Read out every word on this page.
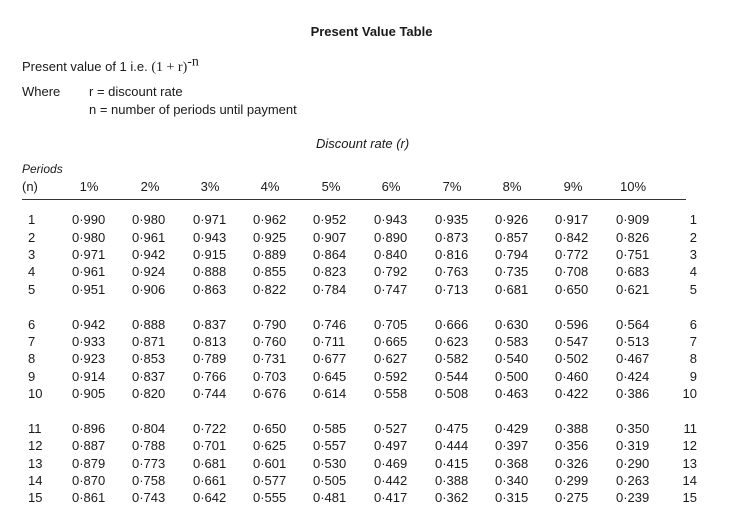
Present Value Table
Present value of 1 i.e. $(1 + r)^{-n}$
Where r = discount rate
n = number of periods until payment
Discount rate (r)
Periods
(n)	1%	2%	3%	4%	5%	6%	7%	8%	9%	10%
1	0·990 0·980 0·971 0·962 0·952 0·943 0·935 0·926 0·917 0·909	1
2	0·980 0·961 0·943 0·925 0·907 0·890 0·873 0·857 0·842 0·826	2
3	0·971 0·942 0·915 0·889 0·864 0·840 0·816 0·794 0·772 0·751	3
4	0·961 0·924 0·888 0·855 0·823 0·792 0·763 0·735 0·708 0·683	4
5	0·951 0·906 0·863 0·822 0·784 0·747 0·713 0·681 0·650 0·621	5
6	0·942 0·888 0·837 0·790 0·746 0·705 0·666 0·630 0·596 0·564	6
7	0·933 0·871 0·813 0·760 0·711 0·665 0·623 0·583 0·547 0·513	7
8	0·923 0·853 0·789 0·731 0·677 0·627 0·582 0·540 0·502 0·467	8
9	0·914 0·837 0·766 0·703 0·645 0·592 0·544 0·500 0·460 0·424	9
10	0·905 0·820 0·744 0·676 0·614 0·558 0·508 0·463 0·422 0·386	10
11	0·896 0·804 0·722 0·650 0·585 0·527 0·475 0·429 0·388 0·350	11
12	0·887 0·788 0·701 0·625 0·557 0·497 0·444 0·397 0·356 0·319	12
13	0·879 0·773 0·681 0·601 0·530 0·469 0·415 0·368 0·326 0·290	13
14	0·870 0·758 0·661 0·577 0·505 0·442 0·388 0·340 0·299 0·263	14
15	0·861 0·743 0·642 0·555 0·481 0·417 0·362 0·315 0·275 0·239	15
